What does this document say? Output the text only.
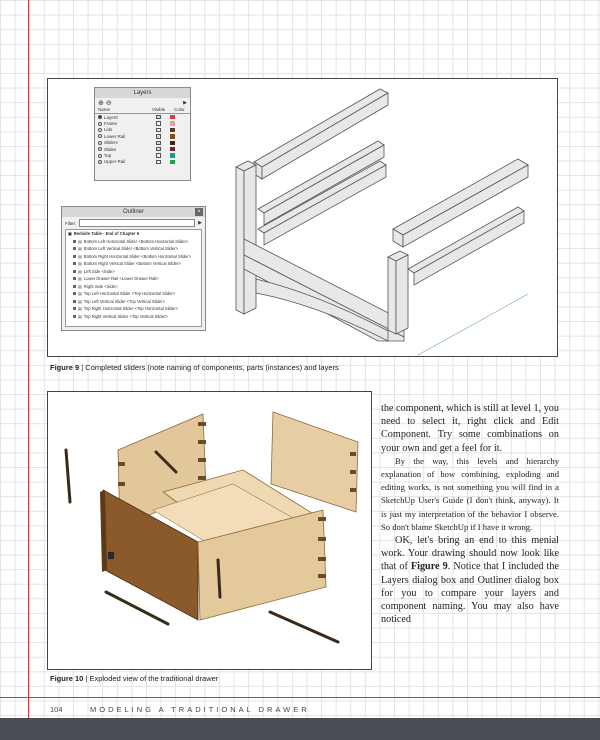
Layers
⊕ ⊖	▶
Name	Visible	Color
Layer0	✓
Frame
Lids
Lower Rail	✓
Sliders	✓
Slides	✓
Top
Upper Rail
Outliner	×
Filter:	▶
▣ Bedside Table - End of Chapter 6
▤ Bottom Left Horizontal Slider <Bottom Horizontal Slider>
▤ Bottom Left Vertical Slider <Bottom Vertical Slider>
▤ Bottom Right Horizontal Slider <Bottom Horizontal Slider>
▤ Bottom Right Vertical Slider <Bottom Vertical Slider>
▤ Left Side <Side>
▤ Lower Drawer Rail <Lower Drawer Rail>
▤ Right Side <Side>
▤ Top Left Horizontal Slider <Top Horizontal Slider>
▤ Top Left Vertical Slider <Top Vertical Slider>
▤ Top Right Horizontal Slider <Top Horizontal Slider>
▤ Top Right Vertical Slider <Top Vertical Slider>
Figure 9 | Completed sliders (note naming of components, parts (instances) and layers
Figure 10 | Exploded view of the traditional drawer

the component, which is still at level 1, you need to select it, right click and Edit Component. Try some combinations on your own and get a feel for it.

By the way, this levels and hierarchy explanation of how combining, exploding and editing works, is not something you will find in a SketchUp User's Guide (I don't think, anyway). It is just my interpretation of the behavior I observe. So don't blame SketchUp if I have it wrong.

OK, let's bring an end to this menial work. Your drawing should now look like that of Figure 9. Notice that I included the Layers dialog box and Outliner dialog box for you to compare your layers and component naming. You may also have noticed

104	MODELING A TRADITIONAL DRAWER
